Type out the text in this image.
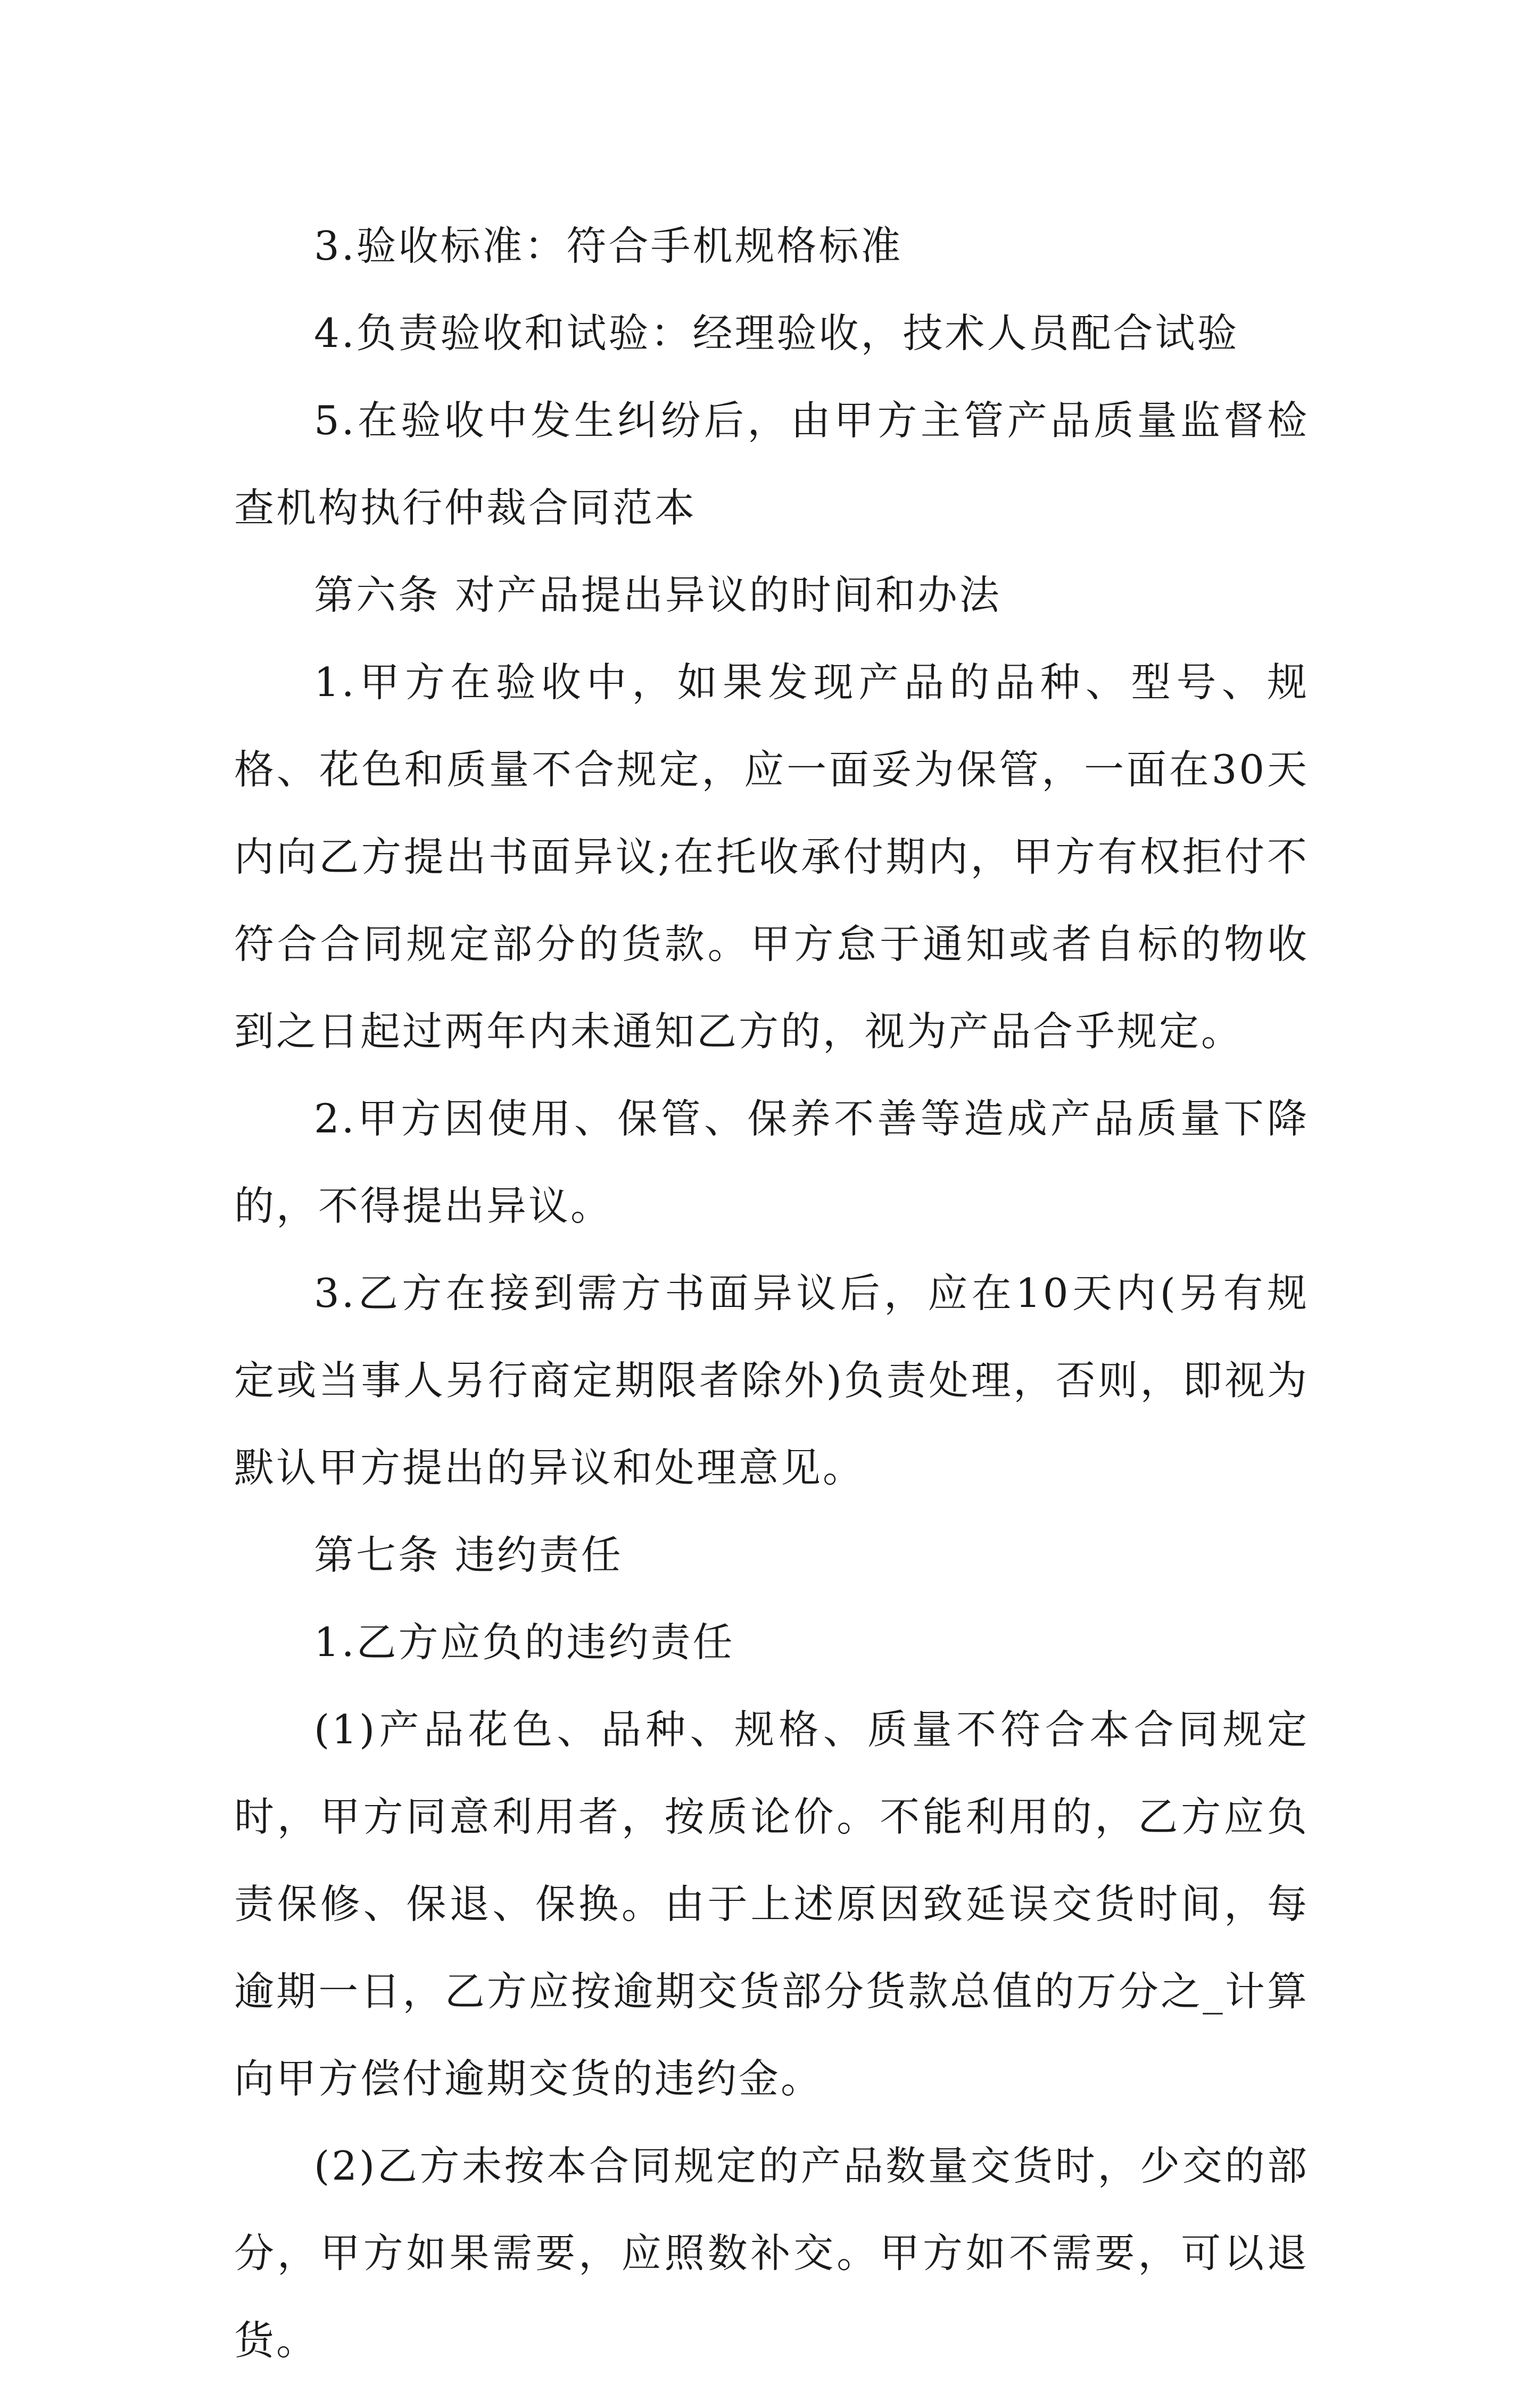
3.验收标准：符合手机规格标准

4.负责验收和试验：经理验收，技术人员配合试验

5.在验收中发生纠纷后，由甲方主管产品质量监督检查机构执行仲裁合同范本

第六条 对产品提出异议的时间和办法

1.甲方在验收中，如果发现产品的品种、型号、规格、花色和质量不合规定，应一面妥为保管，一面在30天内向乙方提出书面异议;在托收承付期内，甲方有权拒付不符合合同规定部分的货款。甲方怠于通知或者自标的物收到之日起过两年内未通知乙方的，视为产品合乎规定。

2.甲方因使用、保管、保养不善等造成产品质量下降的，不得提出异议。

3.乙方在接到需方书面异议后，应在10天内(另有规定或当事人另行商定期限者除外)负责处理，否则，即视为默认甲方提出的异议和处理意见。

第七条 违约责任

1.乙方应负的违约责任

(1)产品花色、品种、规格、质量不符合本合同规定时，甲方同意利用者，按质论价。不能利用的，乙方应负责保修、保退、保换。由于上述原因致延误交货时间，每逾期一日，乙方应按逾期交货部分货款总值的万分之_计算向甲方偿付逾期交货的违约金。

(2)乙方未按本合同规定的产品数量交货时，少交的部分，甲方如果需要，应照数补交。甲方如不需要，可以退货。
